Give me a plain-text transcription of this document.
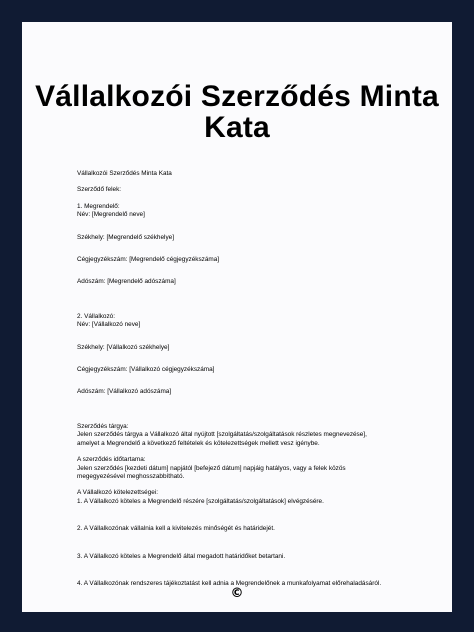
Vállalkozói Szerződés Minta
Kata
Vállalkozói Szerződés Minta Kata
Szerződő felek:
1. Megrendelő:
Név: [Megrendelő neve]
Székhely: [Megrendelő székhelye]
Cégjegyzékszám: [Megrendelő cégjegyzékszáma]
Adószám: [Megrendelő adószáma]
2. Vállalkozó:
Név: [Vállalkozó neve]
Székhely: [Vállalkozó székhelye]
Cégjegyzékszám: [Vállalkozó cégjegyzékszáma]
Adószám: [Vállalkozó adószáma]
Szerződés tárgya:
Jelen szerződés tárgya a Vállalkozó által nyújtott [szolgáltatás/szolgáltatások részletes megnevezése],
amelyet a Megrendelő a következő feltételek és kötelezettségek mellett vesz igénybe.
A szerződés időtartama:
Jelen szerződés [kezdeti dátum] napjától [befejező dátum] napjáig hatályos, vagy a felek közös
megegyezésével meghosszabbítható.
A Vállalkozó kötelezettségei:
1. A Vállalkozó köteles a Megrendelő részére [szolgáltatás/szolgáltatások] elvégzésére.
2. A Vállalkozónak vállalnia kell a kivitelezés minőségét és határidejét.
3. A Vállalkozó köteles a Megrendelő által megadott határidőket betartani.
4. A Vállalkozónak rendszeres tájékoztatást kell adnia a Megrendelőnek a munkafolyamat előrehaladásáról.
©
